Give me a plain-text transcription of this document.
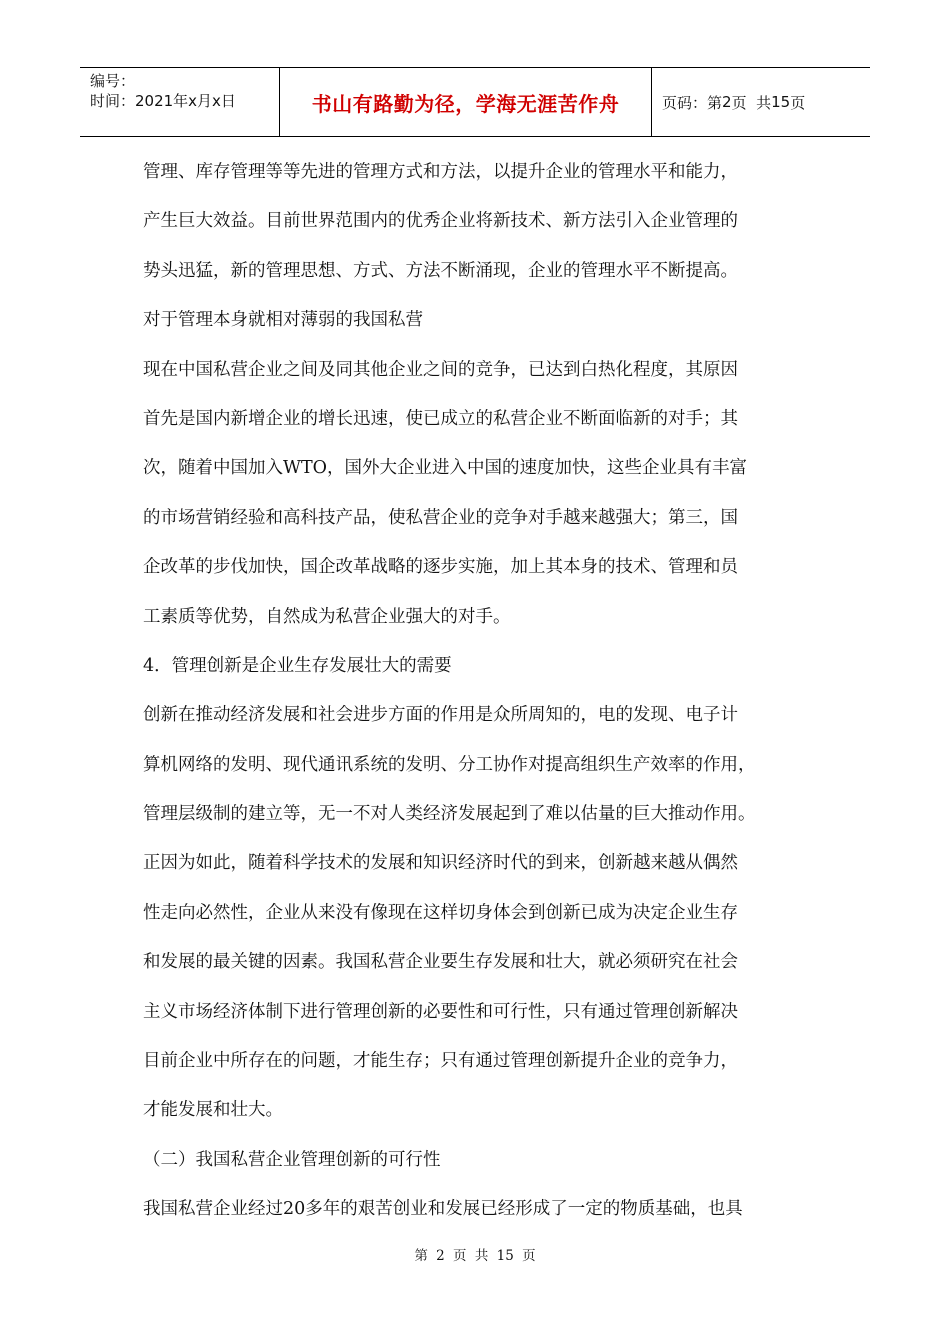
编号：
时间：2021年x月x日	书山有路勤为径，学海无涯苦作舟	页码：第 2 页  共 15 页
管理、库存管理等等先进的管理方式和方法，以提升企业的管理水平和能力，
产生巨大效益。目前世界范围内的优秀企业将新技术、新方法引入企业管理的
势头迅猛，新的管理思想、方式、方法不断涌现，企业的管理水平不断提高。
对于管理本身就相对薄弱的我国私营
现在中国私营企业之间及同其他企业之间的竞争，已达到白热化程度，其原因
首先是国内新增企业的增长迅速，使已成立的私营企业不断面临新的对手；其
次，随着中国加入WTO，国外大企业进入中国的速度加快，这些企业具有丰富
的市场营销经验和高科技产品，使私营企业的竞争对手越来越强大；第三，国
企改革的步伐加快，国企改革战略的逐步实施，加上其本身的技术、管理和员
工素质等优势，自然成为私营企业强大的对手。
4．管理创新是企业生存发展壮大的需要
创新在推动经济发展和社会进步方面的作用是众所周知的，电的发现、电子计
算机网络的发明、现代通讯系统的发明、分工协作对提高组织生产效率的作用，
管理层级制的建立等，无一不对人类经济发展起到了难以估量的巨大推动作用。
正因为如此，随着科学技术的发展和知识经济时代的到来，创新越来越从偶然
性走向必然性，企业从来没有像现在这样切身体会到创新已成为决定企业生存
和发展的最关键的因素。我国私营企业要生存发展和壮大，就必须研究在社会
主义市场经济体制下进行管理创新的必要性和可行性，只有通过管理创新解决
目前企业中所存在的问题，才能生存；只有通过管理创新提升企业的竞争力，
才能发展和壮大。
（二）我国私营企业管理创新的可行性
我国私营企业经过20多年的艰苦创业和发展已经形成了一定的物质基础，也具
第 2 页 共 15 页
